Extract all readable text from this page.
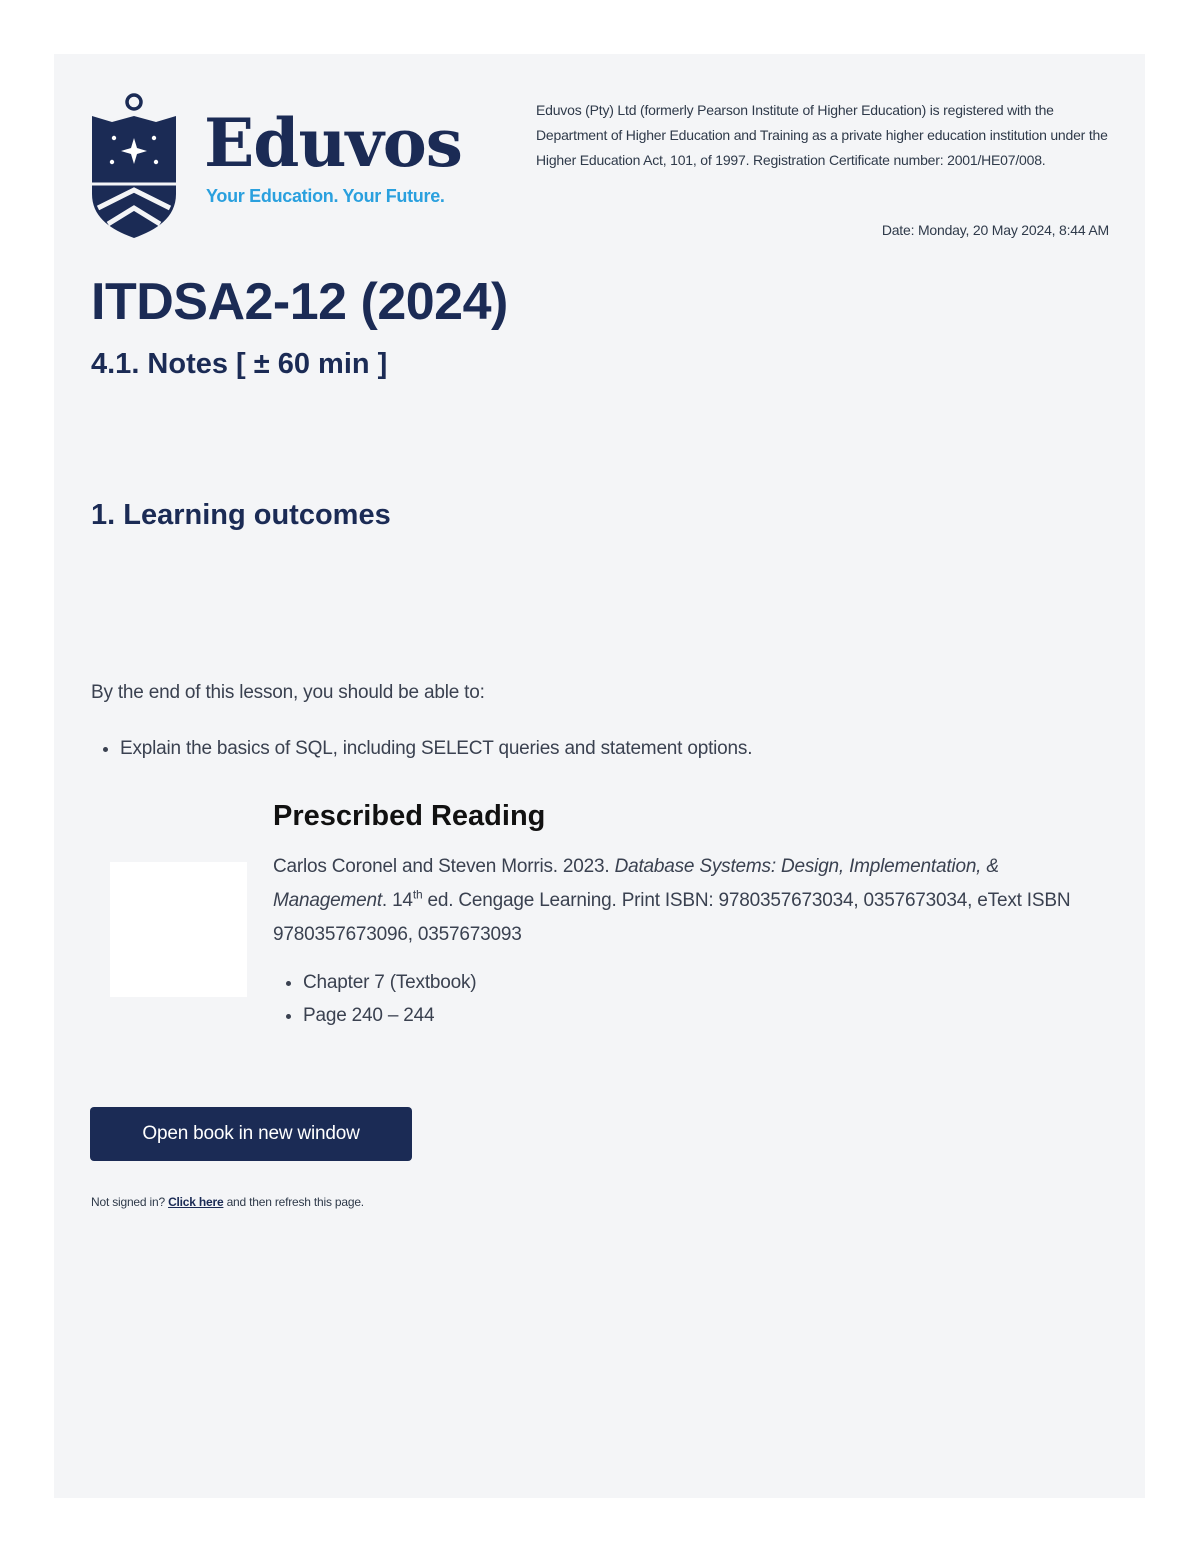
Eduvos
Your Education. Your Future.
Eduvos (Pty) Ltd (formerly Pearson Institute of Higher Education) is registered with the Department of Higher Education and Training as a private higher education institution under the Higher Education Act, 101, of 1997. Registration Certificate number: 2001/HE07/008.
Date: Monday, 20 May 2024, 8:44 AM
ITDSA2-12 (2024)
4.1. Notes [ ± 60 min ]
1. Learning outcomes
By the end of this lesson, you should be able to:
• Explain the basics of SQL, including SELECT queries and statement options.
Prescribed Reading

Carlos Coronel and Steven Morris. 2023. Database Systems: Design, Implementation, & Management. 14th ed. Cengage Learning. Print ISBN: 9780357673034, 0357673034, eText ISBN 9780357673096, 0357673093

• Chapter 7 (Textbook)
• Page 240 – 244
Open book in new window
Not signed in? Click here and then refresh this page.
